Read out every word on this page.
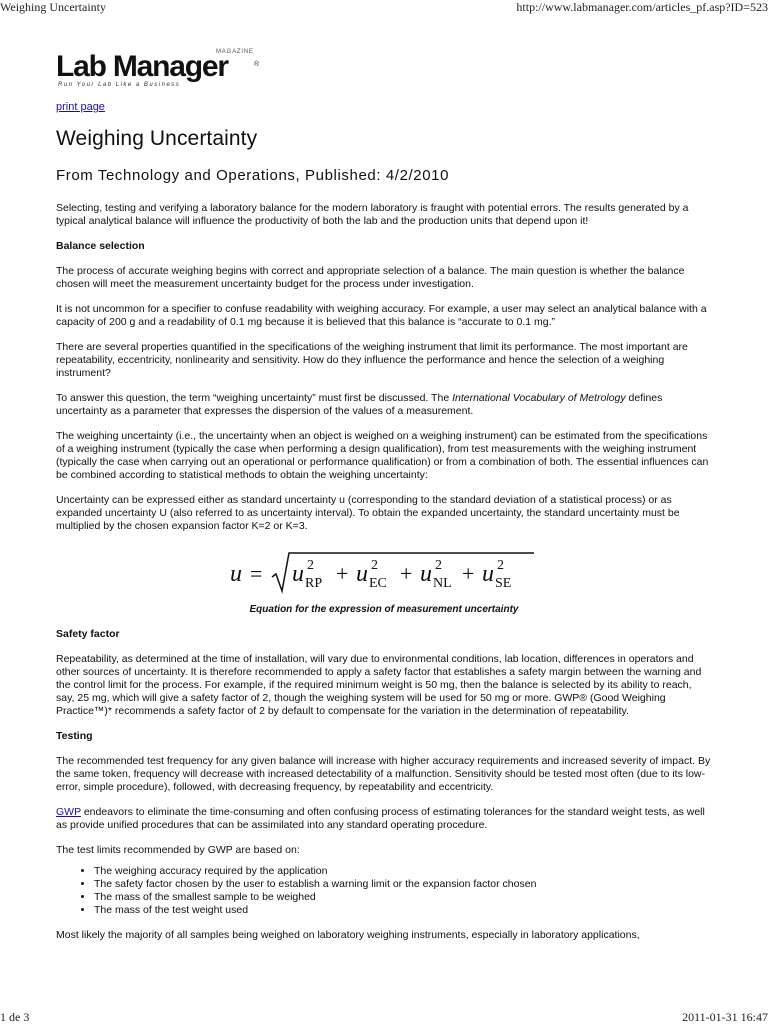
Weighing Uncertainty	http://www.labmanager.com/articles_pf.asp?ID=523
Lab Manager
MAGAZINE
®
Run Your Lab Like a Business
print page
Weighing Uncertainty
From Technology and Operations, Published: 4/2/2010

Selecting, testing and verifying a laboratory balance for the modern laboratory is fraught with potential errors. The results generated by a typical analytical balance will influence the productivity of both the lab and the production units that depend upon it!

Balance selection

The process of accurate weighing begins with correct and appropriate selection of a balance. The main question is whether the balance chosen will meet the measurement uncertainty budget for the process under investigation.

It is not uncommon for a specifier to confuse readability with weighing accuracy. For example, a user may select an analytical balance with a capacity of 200 g and a readability of 0.1 mg because it is believed that this balance is “accurate to 0.1 mg.”

There are several properties quantified in the specifications of the weighing instrument that limit its performance. The most important are repeatability, eccentricity, nonlinearity and sensitivity. How do they influence the performance and hence the selection of a weighing instrument?

To answer this question, the term “weighing uncertainty” must first be discussed. The International Vocabulary of Metrology defines uncertainty as a parameter that expresses the dispersion of the values of a measurement.

The weighing uncertainty (i.e., the uncertainty when an object is weighed on a weighing instrument) can be estimated from the specifications of a weighing instrument (typically the case when performing a design qualification), from test measurements with the weighing instrument (typically the case when carrying out an operational or performance qualification) or from a combination of both. The essential influences can be combined according to statistical methods to obtain the weighing uncertainty:

Uncertainty can be expressed either as standard uncertainty u (corresponding to the standard deviation of a statistical process) or as expanded uncertainty U (also referred to as uncertainty interval). To obtain the expanded uncertainty, the standard uncertainty must be multiplied by the chosen expansion factor K=2 or K=3.

u = u 2
RP + u 2
EC + u 2
NL + u 2
SE

Equation for the expression of measurement uncertainty

Safety factor

Repeatability, as determined at the time of installation, will vary due to environmental conditions, lab location, differences in operators and other sources of uncertainty. It is therefore recommended to apply a safety factor that establishes a safety margin between the warning and the control limit for the process. For example, if the required minimum weight is 50 mg, then the balance is selected by its ability to reach, say, 25 mg, which will give a safety factor of 2, though the weighing system will be used for 50 mg or more. GWP® (Good Weighing Practice™)* recommends a safety factor of 2 by default to compensate for the variation in the determination of repeatability.

Testing

The recommended test frequency for any given balance will increase with higher accuracy requirements and increased severity of impact. By the same token, frequency will decrease with increased detectability of a malfunction. Sensitivity should be tested most often (due to its low-error, simple procedure), followed, with decreasing frequency, by repeatability and eccentricity.

GWP endeavors to eliminate the time-consuming and often confusing process of estimating tolerances for the standard weight tests, as well as provide unified procedures that can be assimilated into any standard operating procedure.

The test limits recommended by GWP are based on:

• The weighing accuracy required by the application
• The safety factor chosen by the user to establish a warning limit or the expansion factor chosen
• The mass of the smallest sample to be weighed
• The mass of the test weight used

Most likely the majority of all samples being weighed on laboratory weighing instruments, especially in laboratory applications,

1 de 3	2011-01-31 16:47
